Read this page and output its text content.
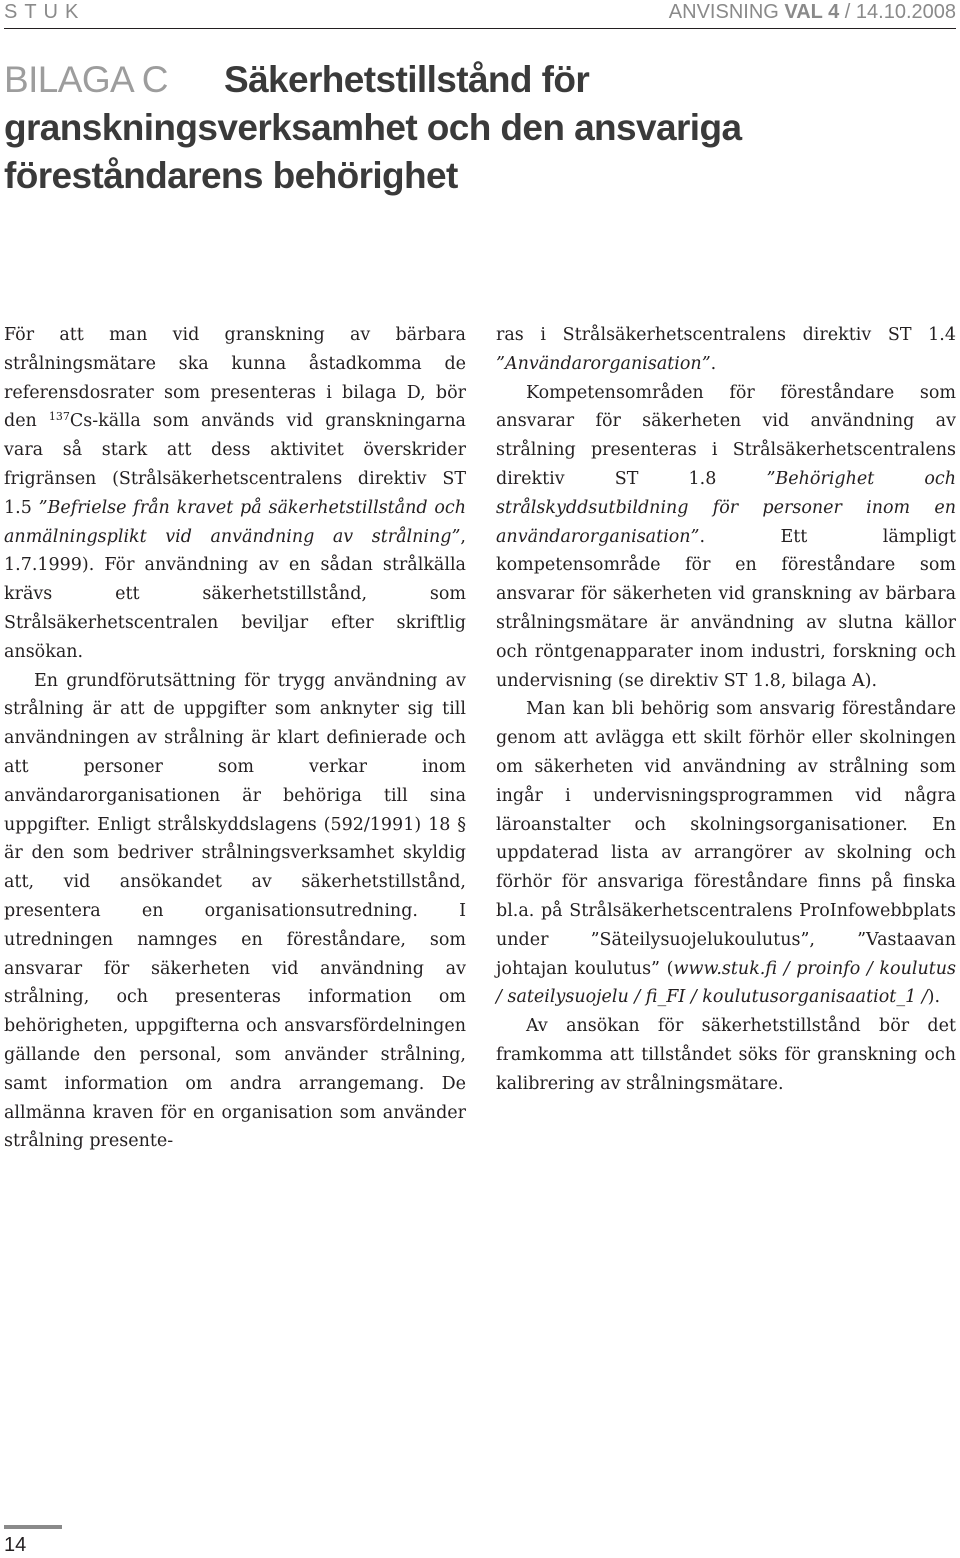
STUK	ANVISNING VAL 4 / 14.10.2008
BILAGA C Säkerhetstillstånd för granskningsverksamhet och den ansvariga föreståndarens behörighet

För att man vid granskning av bärbara strålningsmätare ska kunna åstadkomma de referensdosrater som presenteras i bilaga D, bör den $^{137}$Cs-källa som används vid granskningarna vara så stark att dess aktivitet överskrider frigränsen (Strålsäkerhetscentralens direktiv ST 1.5 ”Befrielse från kravet på säkerhetstillstånd och anmälningsplikt vid användning av strålning”, 1.7.1999). För användning av en sådan strålkälla krävs ett säkerhetstillstånd, som Strålsäkerhetscentralen beviljar efter skriftlig ansökan.

En grundförutsättning för trygg användning av strålning är att de uppgifter som anknyter sig till användningen av strålning är klart definierade och att personer som verkar inom användarorganisationen är behöriga till sina uppgifter. Enligt strålskyddslagens (592/1991) 18 § är den som bedriver strålningsverksamhet skyldig att, vid ansökandet av säkerhetstillstånd, presentera en organisationsutredning. I utredningen namnges en föreståndare, som ansvarar för säkerheten vid användning av strålning, och presenteras information om behörigheten, uppgifterna och ansvarsfördelningen gällande den personal, som använder strålning, samt information om andra arrangemang. De allmänna kraven för en organisation som använder strålning presente-

ras i Strålsäkerhetscentralens direktiv ST 1.4 ”Användarorganisation”.

Kompetensområden för föreståndare som ansvarar för säkerheten vid användning av strålning presenteras i Strålsäkerhetscentralens direktiv ST 1.8 ”Behörighet och strålskyddsutbildning för personer inom en användarorganisation”. Ett lämpligt kompetensområde för en föreståndare som ansvarar för säkerheten vid granskning av bärbara strålningsmätare är användning av slutna källor och röntgenapparater inom industri, forskning och undervisning (se direktiv ST 1.8, bilaga A).

Man kan bli behörig som ansvarig föreståndare genom att avlägga ett skilt förhör eller skolningen om säkerheten vid användning av strålning som ingår i undervisningsprogrammen vid några läroanstalter och skolningsorganisationer. En uppdaterad lista av arrangörer av skolning och förhör för ansvariga föreståndare finns på finska bl.a. på Strålsäkerhetscentralens ProInfowebbplats under ”Säteilysuojelukoulutus”, ”Vastaavan johtajan koulutus” (www.stuk.fi / proinfo / koulutus / sateilysuojelu / fi_FI / koulutusorganisaatiot_1 /).

Av ansökan för säkerhetstillstånd bör det framkomma att tillståndet söks för granskning och kalibrering av strålningsmätare.

14
